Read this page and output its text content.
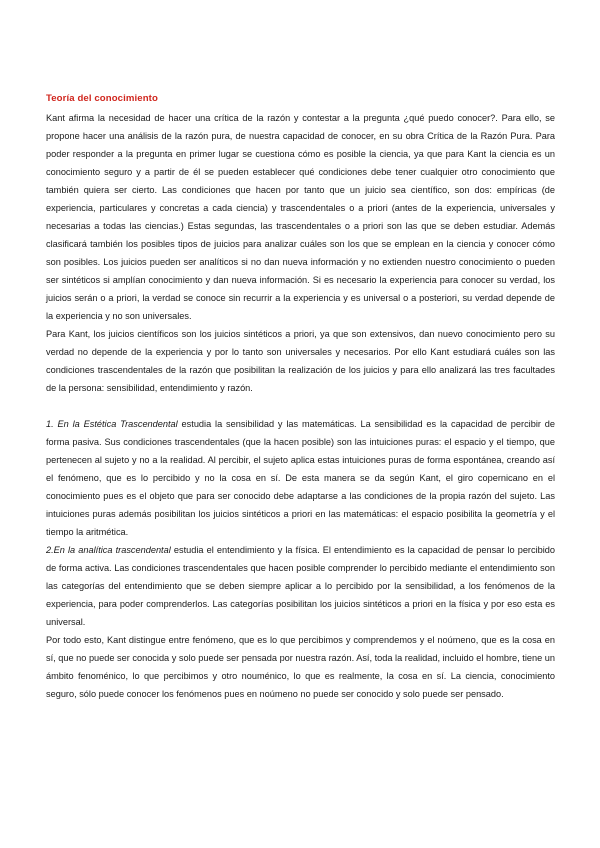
Teoría del conocimiento

Kant afirma la necesidad de hacer una crítica de la razón y contestar a la pregunta ¿qué puedo conocer?. Para ello, se propone hacer una análisis de la razón pura, de nuestra capacidad de conocer, en su obra Crítica de la Razón Pura. Para poder responder a la pregunta en primer lugar se cuestiona cómo es posible la ciencia, ya que para Kant la ciencia es un conocimiento seguro y a partir de él se pueden establecer qué condiciones debe tener cualquier otro conocimiento que también quiera ser cierto. Las condiciones que hacen por tanto que un juicio sea científico, son dos: empíricas (de experiencia, particulares y concretas a cada ciencia) y trascendentales o a priori (antes de la experiencia, universales y necesarias a todas las ciencias.) Estas segundas, las trascendentales o a priori son las que se deben estudiar. Además clasificará también los posibles tipos de juicios para analizar cuáles son los que se emplean en la ciencia y conocer cómo son posibles. Los juicios pueden ser analíticos si no dan nueva información y no extienden nuestro conocimiento o pueden ser sintéticos si amplían conocimiento y dan nueva información. Si es necesario la experiencia para conocer su verdad, los juicios serán o a priori, la verdad se conoce sin recurrir a la experiencia y es universal o a posteriori, su verdad depende de la experiencia y no son universales.

Para Kant, los juicios científicos son los juicios sintéticos a priori, ya que son extensivos, dan nuevo conocimiento pero su verdad no depende de la experiencia y por lo tanto son universales y necesarios. Por ello Kant estudiará cuáles son las condiciones trascendentales de la razón que posibilitan la realización de los juicios y para ello analizará las tres facultades de la persona: sensibilidad, entendimiento y razón.

1. En la Estética Trascendental estudia la sensibilidad y las matemáticas. La sensibilidad es la capacidad de percibir de forma pasiva. Sus condiciones trascendentales (que la hacen posible) son las intuiciones puras: el espacio y el tiempo, que pertenecen al sujeto y no a la realidad. Al percibir, el sujeto aplica estas intuiciones puras de forma espontánea, creando así el fenómeno, que es lo percibido y no la cosa en sí. De esta manera se da según Kant, el giro copernicano en el conocimiento pues es el objeto que para ser conocido debe adaptarse a las condiciones de la propia razón del sujeto. Las intuiciones puras además posibilitan los juicios sintéticos a priori en las matemáticas: el espacio posibilita la geometría y el tiempo la aritmética.

2.En la analítica trascendental estudia el entendimiento y la física. El entendimiento es la capacidad de pensar lo percibido de forma activa. Las condiciones trascendentales que hacen posible comprender lo percibido mediante el entendimiento son las categorías del entendimiento que se deben siempre aplicar a lo percibido por la sensibilidad, a los fenómenos de la experiencia, para poder comprenderlos. Las categorías posibilitan los juicios sintéticos a priori en la física y por eso esta es universal.

Por todo esto, Kant distingue entre fenómeno, que es lo que percibimos y comprendemos y el noúmeno, que es la cosa en sí, que no puede ser conocida y solo puede ser pensada por nuestra razón. Así, toda la realidad, incluido el hombre, tiene un ámbito fenoménico, lo que percibimos y otro nouménico, lo que es realmente, la cosa en sí. La ciencia, conocimiento seguro, sólo puede conocer los fenómenos pues en noúmeno no puede ser conocido y solo puede ser pensado.
